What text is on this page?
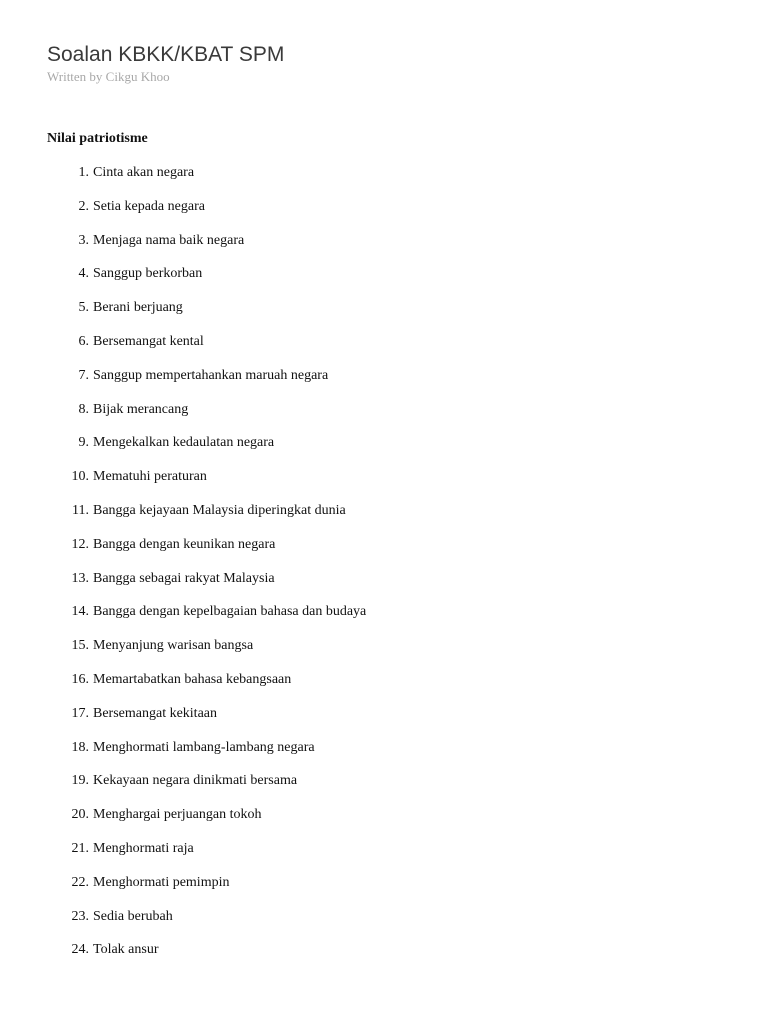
Soalan KBKK/KBAT SPM
Written by Cikgu Khoo
Nilai patriotisme
1. Cinta akan negara
2. Setia kepada negara
3. Menjaga nama baik negara
4. Sanggup berkorban
5. Berani berjuang
6. Bersemangat kental
7. Sanggup mempertahankan maruah negara
8. Bijak merancang
9. Mengekalkan kedaulatan negara
10. Mematuhi peraturan
11. Bangga kejayaan Malaysia diperingkat dunia
12. Bangga dengan keunikan negara
13. Bangga sebagai rakyat Malaysia
14. Bangga dengan kepelbagaian bahasa dan budaya
15. Menyanjung warisan bangsa
16. Memartabatkan bahasa kebangsaan
17. Bersemangat kekitaan
18. Menghormati lambang-lambang negara
19. Kekayaan negara dinikmati bersama
20. Menghargai perjuangan tokoh
21. Menghormati raja
22. Menghormati pemimpin
23. Sedia berubah
24. Tolak ansur
